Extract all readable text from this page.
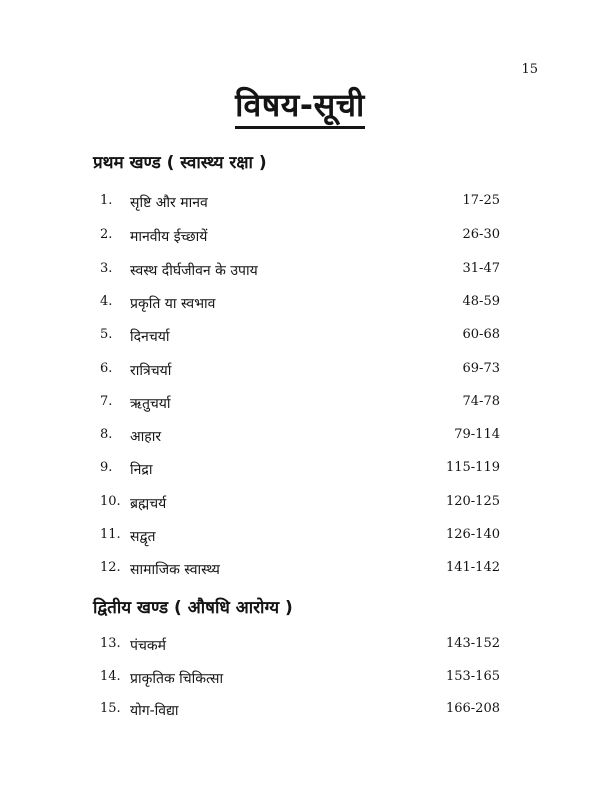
15
विषय-सूची
प्रथम खण्ड ( स्वास्थ्य रक्षा )
1. सृष्टि और मानव	17-25
2. मानवीय ईच्छायें	26-30
3. स्वस्थ दीर्घजीवन के उपाय	31-47
4. प्रकृति या स्वभाव	48-59
5. दिनचर्या	60-68
6. रात्रिचर्या	69-73
7. ऋतुचर्या	74-78
8. आहार	79-114
9. निद्रा	115-119
10. ब्रह्मचर्य	120-125
11. सद्वृत	126-140
12. सामाजिक स्वास्थ्य	141-142
द्वितीय खण्ड ( औषधि आरोग्य )
13. पंचकर्म	143-152
14. प्राकृतिक चिकित्सा	153-165
15. योग-विद्या	166-208
